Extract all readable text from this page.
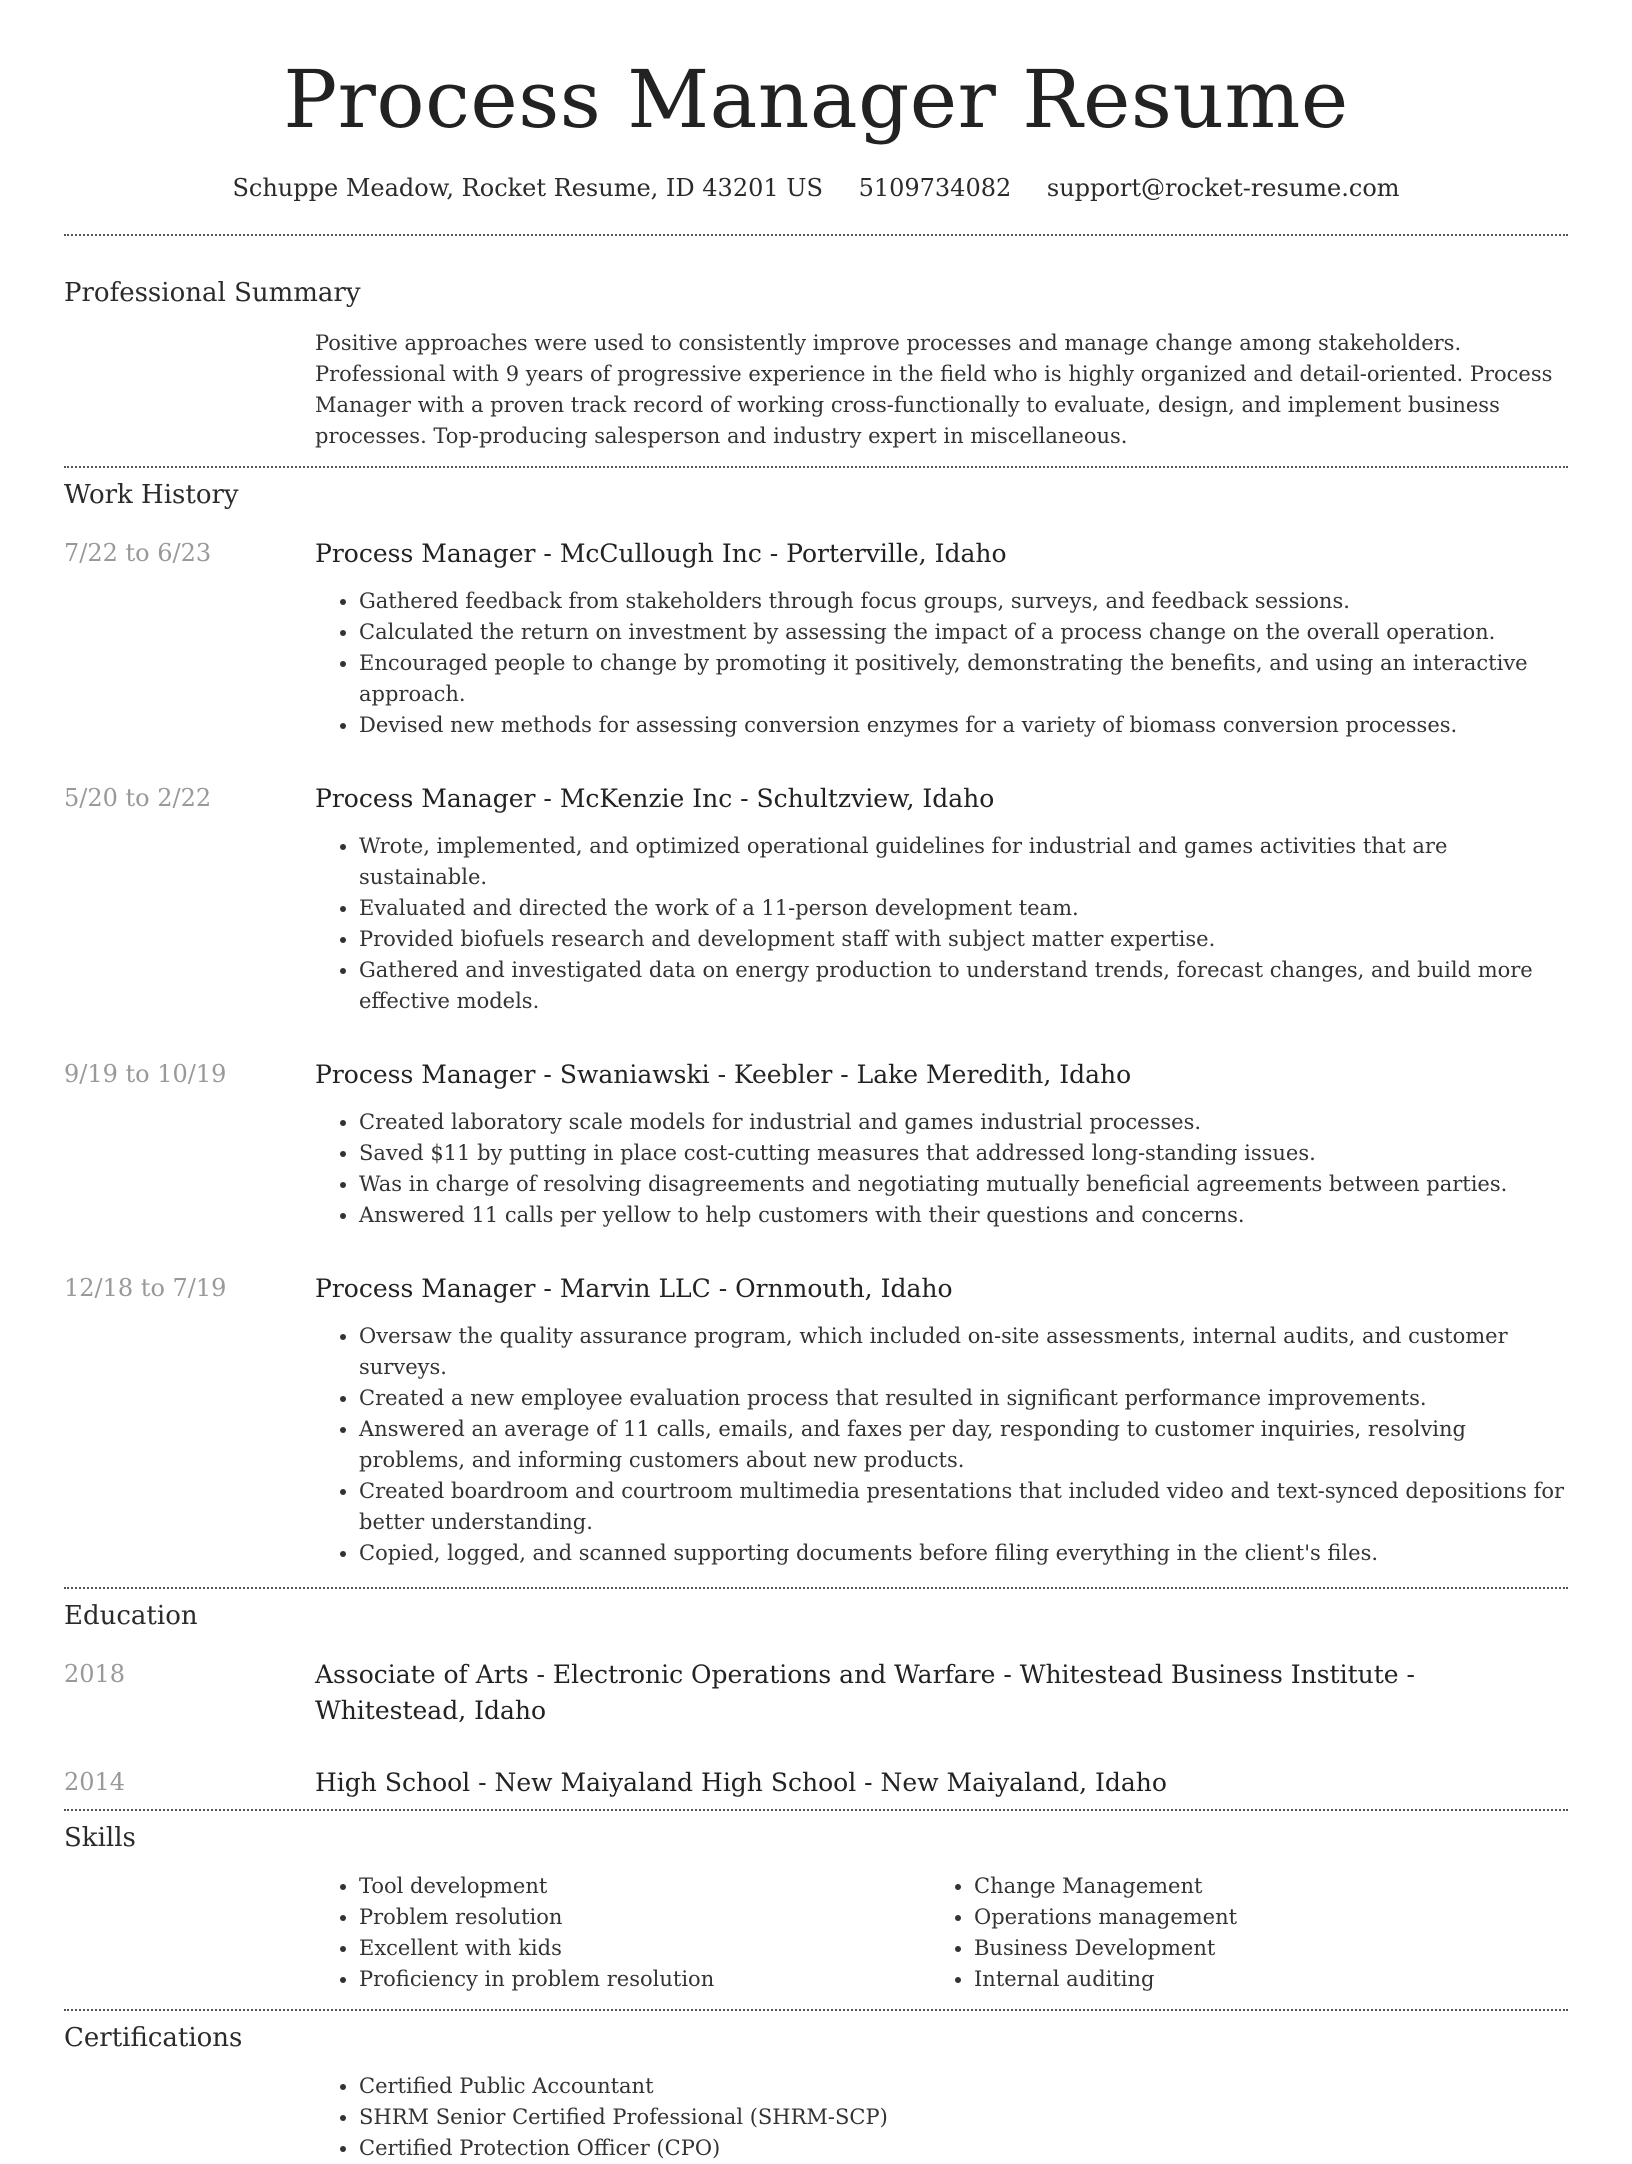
Process Manager Resume
Schuppe Meadow, Rocket Resume, ID 43201 US 5109734082 support@rocket-resume.com
Professional Summary
Positive approaches were used to consistently improve processes and manage change among stakeholders. Professional with 9 years of progressive experience in the field who is highly organized and detail-oriented. Process Manager with a proven track record of working cross-functionally to evaluate, design, and implement business processes. Top-producing salesperson and industry expert in miscellaneous.
Work History
7/22 to 6/23	Process Manager - McCullough Inc - Porterville, Idaho
• Gathered feedback from stakeholders through focus groups, surveys, and feedback sessions.
• Calculated the return on investment by assessing the impact of a process change on the overall operation.
• Encouraged people to change by promoting it positively, demonstrating the benefits, and using an interactive approach.
• Devised new methods for assessing conversion enzymes for a variety of biomass conversion processes.
5/20 to 2/22	Process Manager - McKenzie Inc - Schultzview, Idaho
• Wrote, implemented, and optimized operational guidelines for industrial and games activities that are sustainable.
• Evaluated and directed the work of a 11-person development team.
• Provided biofuels research and development staff with subject matter expertise.
• Gathered and investigated data on energy production to understand trends, forecast changes, and build more effective models.
9/19 to 10/19	Process Manager - Swaniawski - Keebler - Lake Meredith, Idaho
• Created laboratory scale models for industrial and games industrial processes.
• Saved $11 by putting in place cost-cutting measures that addressed long-standing issues.
• Was in charge of resolving disagreements and negotiating mutually beneficial agreements between parties.
• Answered 11 calls per yellow to help customers with their questions and concerns.
12/18 to 7/19	Process Manager - Marvin LLC - Ornmouth, Idaho
• Oversaw the quality assurance program, which included on-site assessments, internal audits, and customer surveys.
• Created a new employee evaluation process that resulted in significant performance improvements.
• Answered an average of 11 calls, emails, and faxes per day, responding to customer inquiries, resolving problems, and informing customers about new products.
• Created boardroom and courtroom multimedia presentations that included video and text-synced depositions for better understanding.
• Copied, logged, and scanned supporting documents before filing everything in the client's files.
Education
2018	Associate of Arts - Electronic Operations and Warfare - Whitestead Business Institute - Whitestead, Idaho
2014	High School - New Maiyaland High School - New Maiyaland, Idaho
Skills
• Tool development
• Problem resolution
• Excellent with kids
• Proficiency in problem resolution
• Change Management
• Operations management
• Business Development
• Internal auditing
Certifications
• Certified Public Accountant
• SHRM Senior Certified Professional (SHRM-SCP)
• Certified Protection Officer (CPO)
